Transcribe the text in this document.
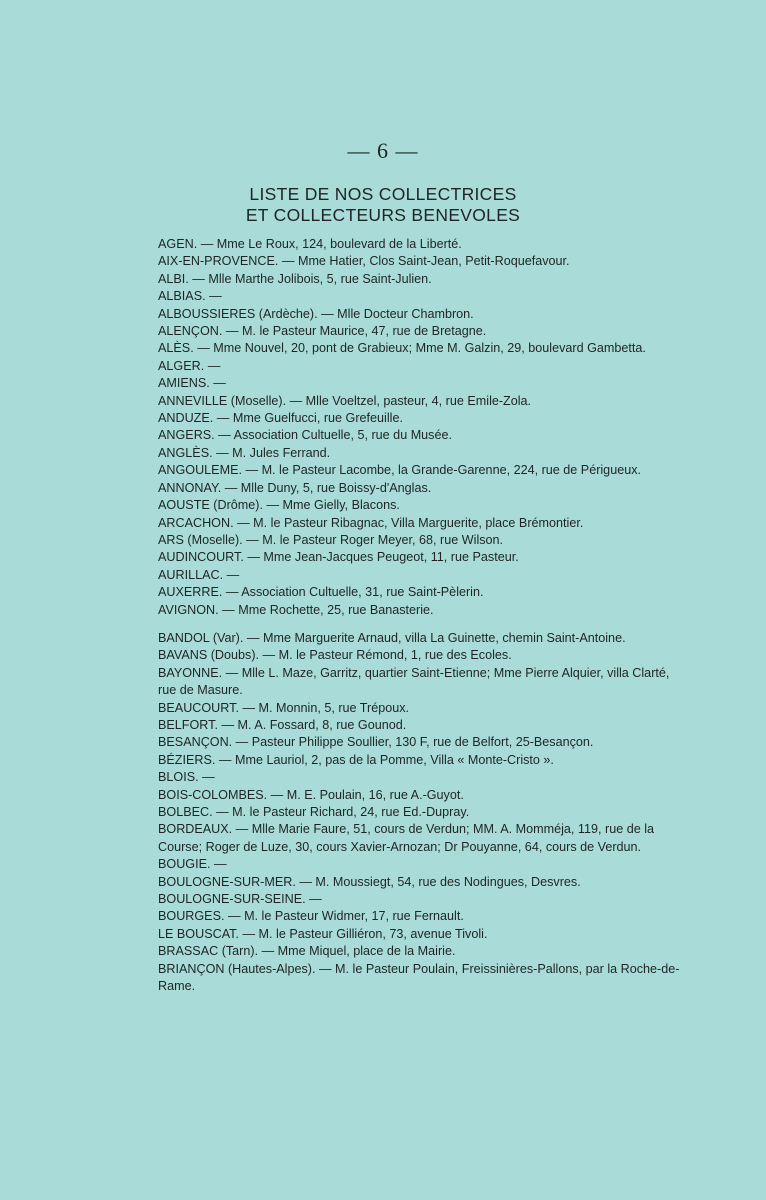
— 6 —
LISTE DE NOS COLLECTRICES
ET COLLECTEURS BENEVOLES

AGEN. — Mme Le Roux, 124, boulevard de la Liberté.

AIX-EN-PROVENCE. — Mme Hatier, Clos Saint-Jean, Petit-Roquefavour.

ALBI. — Mlle Marthe Jolibois, 5, rue Saint-Julien.

ALBIAS. —

ALBOUSSIERES (Ardèche). — Mlle Docteur Chambron.

ALENÇON. — M. le Pasteur Maurice, 47, rue de Bretagne.

ALÈS. — Mme Nouvel, 20, pont de Grabieux; Mme M. Galzin, 29, boulevard Gambetta.

ALGER. —

AMIENS. —

ANNEVILLE (Moselle). — Mlle Voeltzel, pasteur, 4, rue Emile-Zola.

ANDUZE. — Mme Guelfucci, rue Grefeuille.

ANGERS. — Association Cultuelle, 5, rue du Musée.

ANGLÈS. — M. Jules Ferrand.

ANGOULEME. — M. le Pasteur Lacombe, la Grande-Garenne, 224, rue de Périgueux.

ANNONAY. — Mlle Duny, 5, rue Boissy-d'Anglas.

AOUSTE (Drôme). — Mme Gielly, Blacons.

ARCACHON. — M. le Pasteur Ribagnac, Villa Marguerite, place Brémontier.

ARS (Moselle). — M. le Pasteur Roger Meyer, 68, rue Wilson.

AUDINCOURT. — Mme Jean-Jacques Peugeot, 11, rue Pasteur.

AURILLAC. —

AUXERRE. — Association Cultuelle, 31, rue Saint-Pèlerin.

AVIGNON. — Mme Rochette, 25, rue Banasterie.

BANDOL (Var). — Mme Marguerite Arnaud, villa La Guinette, chemin Saint-Antoine.

BAVANS (Doubs). — M. le Pasteur Rémond, 1, rue des Ecoles.

BAYONNE. — Mlle L. Maze, Garritz, quartier Saint-Etienne; Mme Pierre Alquier, villa Clarté, rue de Masure.

BEAUCOURT. — M. Monnin, 5, rue Trépoux.

BELFORT. — M. A. Fossard, 8, rue Gounod.

BESANÇON. — Pasteur Philippe Soullier, 130 F, rue de Belfort, 25-Besançon.

BÉZIERS. — Mme Lauriol, 2, pas de la Pomme, Villa « Monte-Cristo ».

BLOIS. —

BOIS-COLOMBES. — M. E. Poulain, 16, rue A.-Guyot.

BOLBEC. — M. le Pasteur Richard, 24, rue Ed.-Dupray.

BORDEAUX. — Mlle Marie Faure, 51, cours de Verdun; MM. A. Momméja, 119, rue de la Course; Roger de Luze, 30, cours Xavier-Arnozan; Dr Pouyanne, 64, cours de Verdun.

BOUGIE. —

BOULOGNE-SUR-MER. — M. Moussiegt, 54, rue des Nodingues, Desvres.

BOULOGNE-SUR-SEINE. —

BOURGES. — M. le Pasteur Widmer, 17, rue Fernault.

LE BOUSCAT. — M. le Pasteur Gilliéron, 73, avenue Tivoli.

BRASSAC (Tarn). — Mme Miquel, place de la Mairie.

BRIANÇON (Hautes-Alpes). — M. le Pasteur Poulain, Freissinières-Pallons, par la Roche-de-Rame.
